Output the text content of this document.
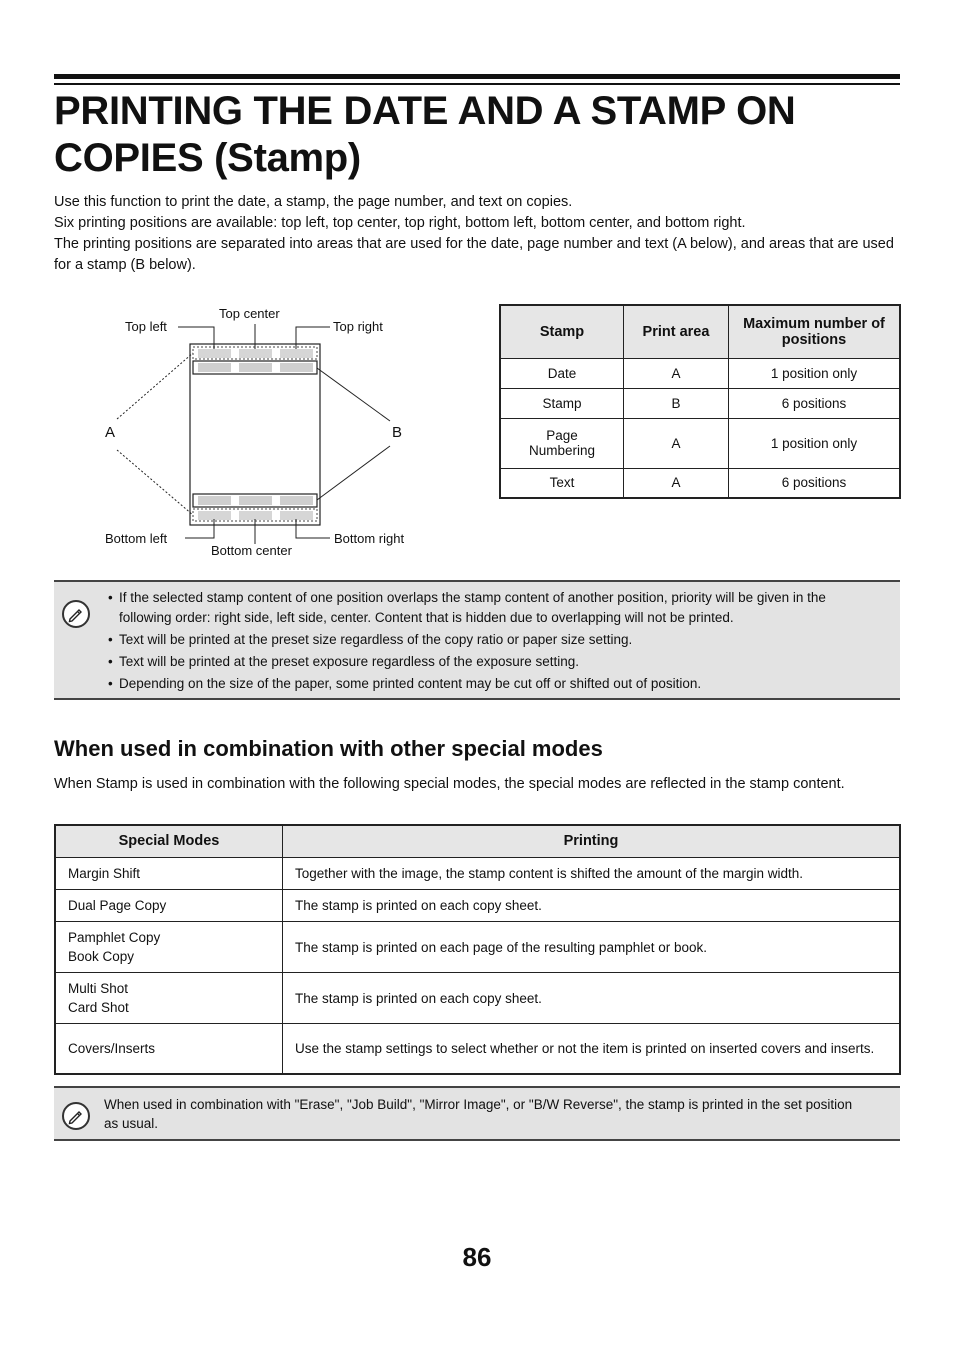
PRINTING THE DATE AND A STAMP ON
COPIES (Stamp)

Use this function to print the date, a stamp, the page number, and text on copies.

Six printing positions are available: top left, top center, top right, bottom left, bottom center, and bottom right.

The printing positions are separated into areas that are used for the date, page number and text (A below), and areas that are used for a stamp (B below).

Top left
Top center
Top right
A	B
Bottom left
Bottom center
Bottom right
Stamp	Print area	Maximum number of positions
Date	A	1 position only
Stamp	B	6 positions
Page Numbering	A	1 position only
Text	A	6 positions
• If the selected stamp content of one position overlaps the stamp content of another position, priority will be given in the following order: right side, left side, center. Content that is hidden due to overlapping will not be printed.
• Text will be printed at the preset size regardless of the copy ratio or paper size setting.
• Text will be printed at the preset exposure regardless of the exposure setting.
• Depending on the size of the paper, some printed content may be cut off or shifted out of position.
When used in combination with other special modes

When Stamp is used in combination with the following special modes, the special modes are reflected in the stamp content.

Special Modes	Printing
Margin Shift	Together with the image, the stamp content is shifted the amount of the margin width.
Dual Page Copy	The stamp is printed on each copy sheet.
Pamphlet Copy
Book Copy	The stamp is printed on each page of the resulting pamphlet or book.
Multi Shot
Card Shot	The stamp is printed on each copy sheet.
Covers/Inserts	Use the stamp settings to select whether or not the item is printed on inserted covers and inserts.
When used in combination with "Erase", "Job Build", "Mirror Image", or "B/W Reverse", the stamp is printed in the set position as usual.
86
